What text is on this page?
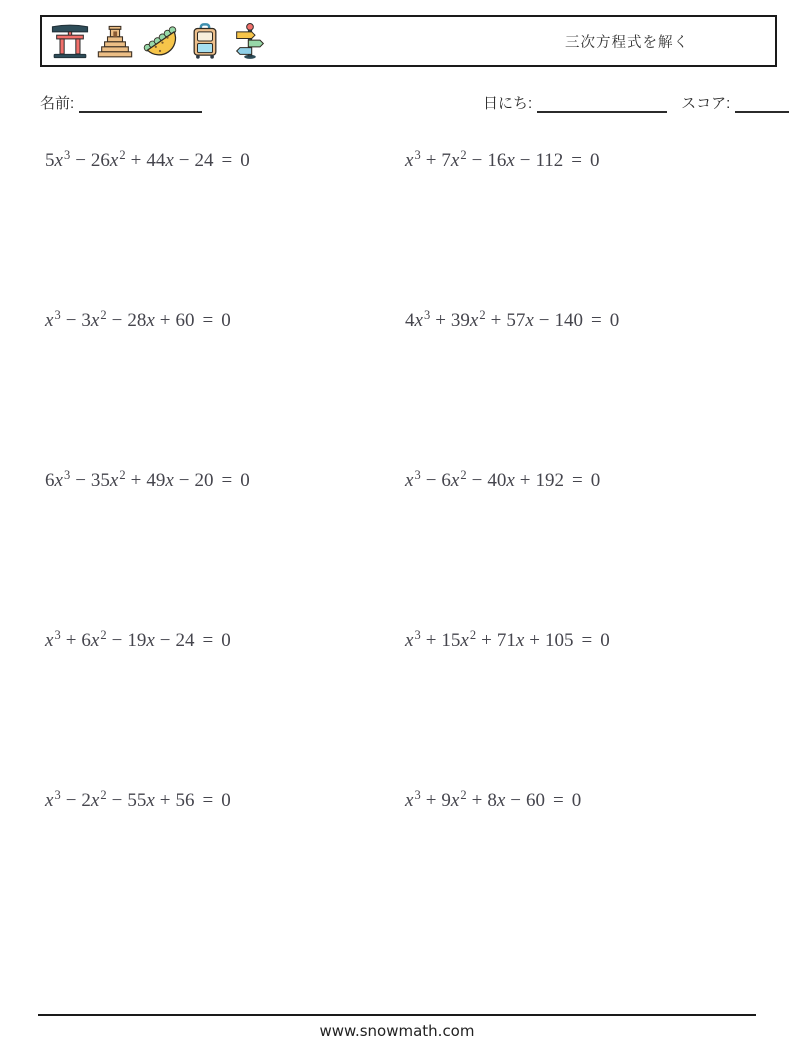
三次方程式を解く
名前:	日にち:	スコア:
$5x^3 - 26x^2 + 44x - 24 = 0$	$x^3 + 7x^2 - 16x - 112 = 0$
$x^3 - 3x^2 - 28x + 60 = 0$	$4x^3 + 39x^2 + 57x - 140 = 0$
$6x^3 - 35x^2 + 49x - 20 = 0$	$x^3 - 6x^2 - 40x + 192 = 0$
$x^3 + 6x^2 - 19x - 24 = 0$	$x^3 + 15x^2 + 71x + 105 = 0$
$x^3 - 2x^2 - 55x + 56 = 0$	$x^3 + 9x^2 + 8x - 60 = 0$
www.snowmath.com
